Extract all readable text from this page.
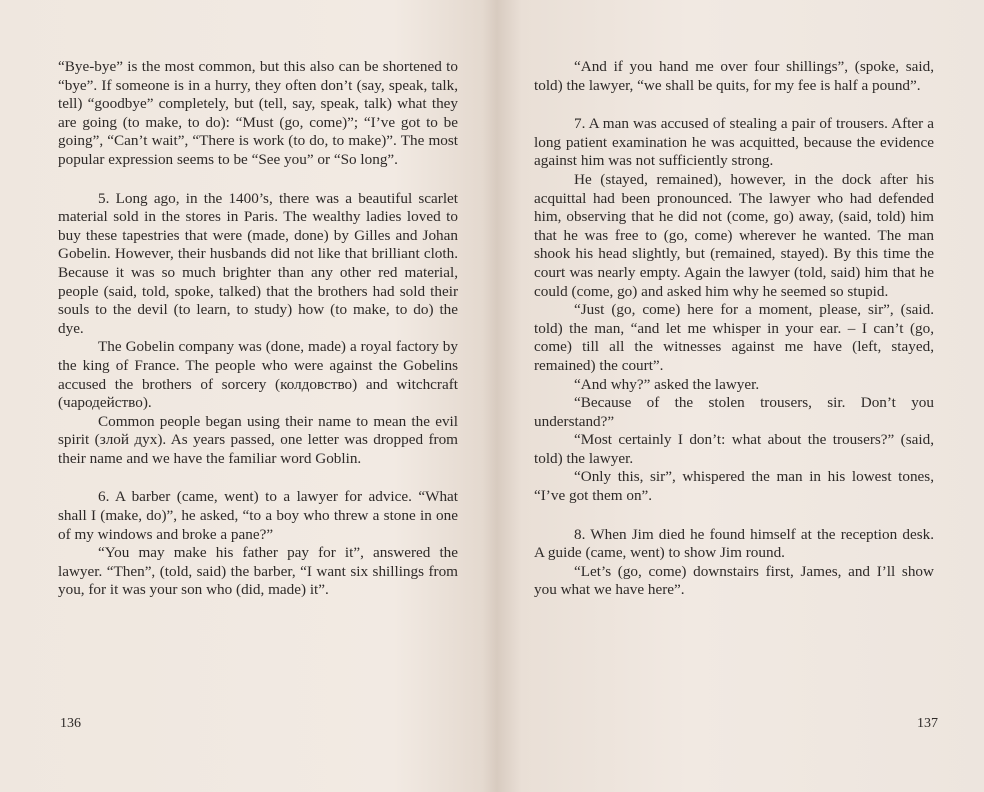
“Bye-bye” is the most common, but this also can be shortened to “bye”. If someone is in a hurry, they often don’t (say, speak, talk, tell) “goodbye” completely, but (tell, say, speak, talk) what they are going (to make, to do): “Must (go, come)”; “I’ve got to be going”, “Can’t wait”, “There is work (to do, to make)”. The most popular expression seems to be “See you” or “So long”.

5. Long ago, in the 1400’s, there was a beautiful scarlet material sold in the stores in Paris. The wealthy ladies loved to buy these tapestries that were (made, done) by Gilles and Johan Gobelin. However, their husbands did not like that brilliant cloth. Because it was so much brighter than any other red material, people (said, told, spoke, talked) that the brothers had sold their souls to the devil (to learn, to study) how (to make, to do) the dye.

The Gobelin company was (done, made) a royal factory by the king of France. The people who were against the Gobelins accused the brothers of sorcery (колдовство) and witchcraft (чародейство).

Common people began using their name to mean the evil spirit (злой дух). As years passed, one letter was dropped from their name and we have the familiar word Goblin.

6. A barber (came, went) to a lawyer for advice. “What shall I (make, do)”, he asked, “to a boy who threw a stone in one of my windows and broke a pane?”

“You may make his father pay for it”, answered the lawyer. “Then”, (told, said) the barber, “I want six shillings from you, for it was your son who (did, made) it”.

136

“And if you hand me over four shillings”, (spoke, said, told) the lawyer, “we shall be quits, for my fee is half a pound”.

7. A man was accused of stealing a pair of trousers. After a long patient examination he was acquitted, because the evidence against him was not sufficiently strong.

He (stayed, remained), however, in the dock after his acquittal had been pronounced. The lawyer who had defended him, observing that he did not (come, go) away, (said, told) him that he was free to (go, come) wherever he wanted. The man shook his head slightly, but (remained, stayed). By this time the court was nearly empty. Again the lawyer (told, said) him that he could (come, go) and asked him why he seemed so stupid.

“Just (go, come) here for a moment, please, sir”, (said. told) the man, “and let me whisper in your ear. – I can’t (go, come) till all the witnesses against me have (left, stayed, remained) the court”.

“And why?” asked the lawyer.

“Because of the stolen trousers, sir. Don’t you understand?”

“Most certainly I don’t: what about the trousers?” (said, told) the lawyer.

“Only this, sir”, whispered the man in his lowest tones, “I’ve got them on”.

8. When Jim died he found himself at the reception desk. A guide (came, went) to show Jim round.

“Let’s (go, come) downstairs first, James, and I’ll show you what we have here”.

137
